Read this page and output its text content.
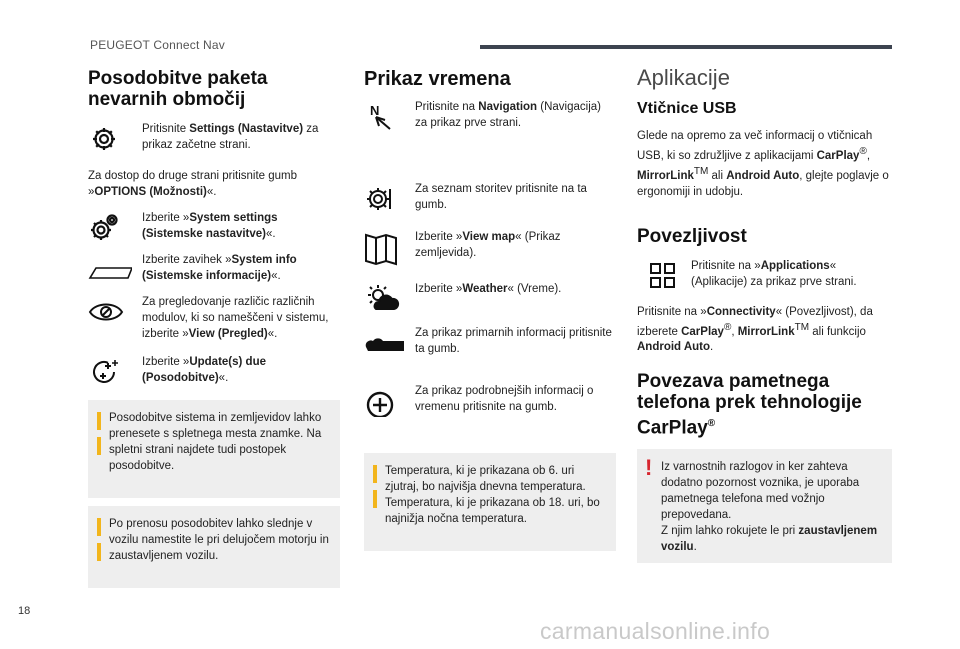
PEUGEOT Connect Nav
Posodobitve paketa
nevarnih območij
Pritisnite Settings (Nastavitve) za prikaz začetne strani.
Za dostop do druge strani pritisnite gumb »OPTIONS (Možnosti)«.
Izberite »System settings (Sistemske nastavitve)«.
Izberite zavihek »System info (Sistemske informacije)«.
Za pregledovanje različic različnih modulov, ki so nameščeni v sistemu, izberite »View (Pregled)«.
Izberite »Update(s) due (Posodobitve)«.
Posodobitve sistema in zemljevidov lahko prenesete s spletnega mesta znamke. Na spletni strani najdete tudi postopek posodobitve.
Po prenosu posodobitev lahko slednje v vozilu namestite le pri delujočem motorju in zaustavljenem vozilu.
Prikaz vremena
N	Pritisnite na Navigation (Navigacija) za prikaz prve strani.
Za seznam storitev pritisnite na ta gumb.
Izberite »View map« (Prikaz zemljevida).
Izberite »Weather« (Vreme).
Za prikaz primarnih informacij pritisnite ta gumb.
Za prikaz podrobnejših informacij o vremenu pritisnite na gumb.
Temperatura, ki je prikazana ob 6. uri zjutraj, bo najvišja dnevna temperatura. Temperatura, ki je prikazana ob 18. uri, bo najnižja nočna temperatura.
Aplikacije
Vtičnice USB
Glede na opremo za več informacij o vtičnicah USB, ki so združljive z aplikacijami CarPlay®, MirrorLink™ ali Android Auto, glejte poglavje o ergonomiji in udobju.
Povezljivost
Pritisnite na »Applications« (Aplikacije) za prikaz prve strani.
Pritisnite na »Connectivity« (Povezljivost), da izberete CarPlay®, MirrorLink™ ali funkcijo Android Auto.
Povezava pametnega
telefona prek tehnologije
CarPlay®
! Iz varnostnih razlogov in ker zahteva dodatno pozornost voznika, je uporaba pametnega telefona med vožnjo prepovedana.
Z njim lahko rokujete le pri zaustavljenem vozilu.
18
carmanualsonline.info
